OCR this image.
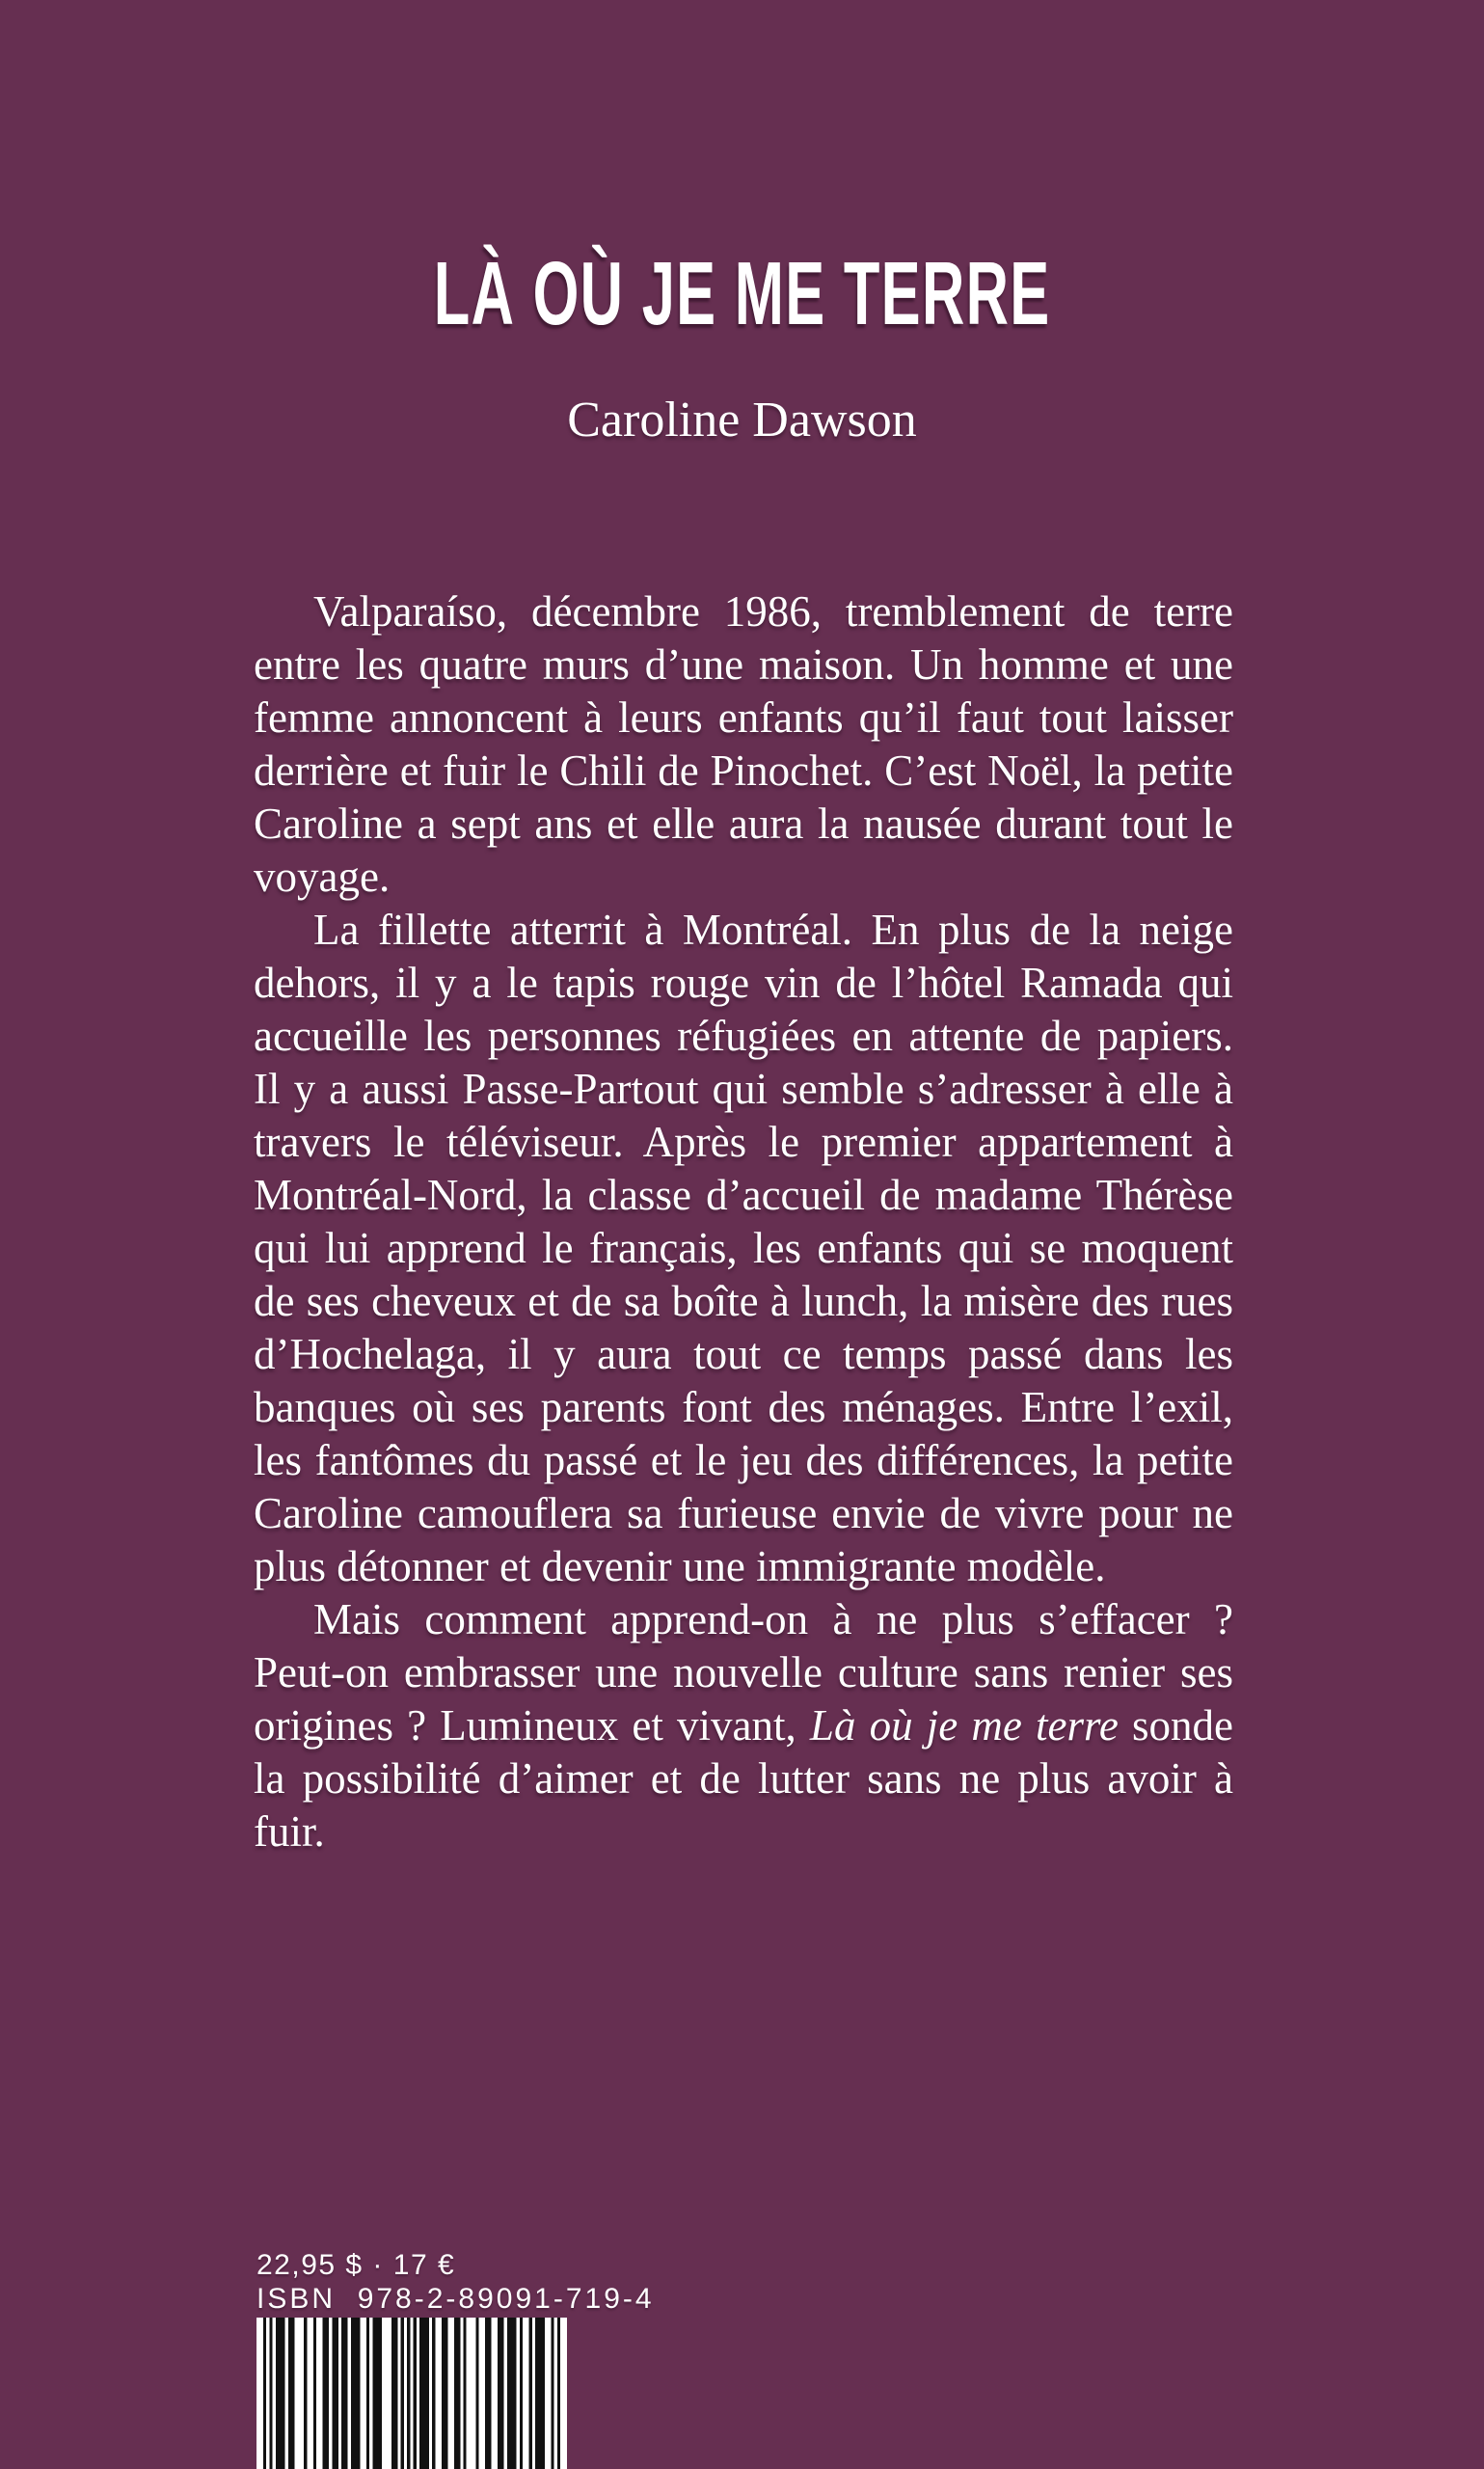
LÀ OÙ JE ME TERRE
Caroline Dawson

Valparaíso, décembre 1986, tremblement de terre entre les quatre murs d’une maison. Un homme et une femme annoncent à leurs enfants qu’il faut tout laisser derrière et fuir le Chili de Pinochet. C’est Noël, la petite Caroline a sept ans et elle aura la nausée durant tout le voyage.

La fillette atterrit à Montréal. En plus de la neige dehors, il y a le tapis rouge vin de l’hôtel Ramada qui accueille les personnes réfugiées en attente de papiers. Il y a aussi Passe-Partout qui semble s’adresser à elle à travers le téléviseur. Après le premier appartement à Montréal-Nord, la classe d’accueil de madame Thérèse qui lui apprend le français, les enfants qui se moquent de ses cheveux et de sa boîte à lunch, la misère des rues d’Hochelaga, il y aura tout ce temps passé dans les banques où ses parents font des ménages. Entre l’exil, les fantômes du passé et le jeu des différences, la petite Caroline camouflera sa furieuse envie de vivre pour ne plus détonner et devenir une immigrante modèle.

Mais comment apprend-on à ne plus s’effacer ? Peut-on embrasser une nouvelle culture sans renier ses origines ? Lumineux et vivant, Là où je me terre sonde la possibilité d’aimer et de lutter sans ne plus avoir à fuir.

22,95 $ · 17 €
ISBN  978-2-89091-719-4
